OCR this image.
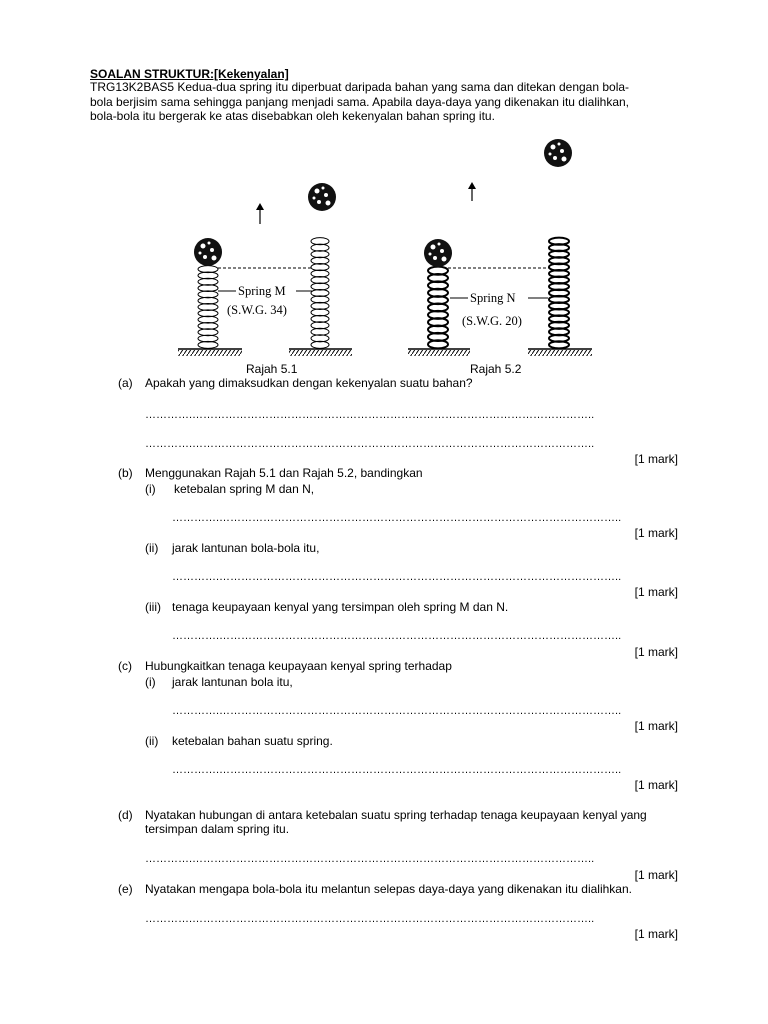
SOALAN STRUKTUR:[Kekenyalan]
TRG13K2BAS5 Kedua-dua spring itu diperbuat daripada bahan yang sama dan ditekan dengan bola-
bola berjisim sama sehingga panjang menjadi sama. Apabila daya-daya yang dikenakan itu dialihkan,
bola-bola itu bergerak ke atas disebabkan oleh kekenyalan bahan spring itu.
Spring M
(S.W.G. 34)
Spring N
(S.W.G. 20)
Rajah 5.1	Rajah 5.2
(a) Apakah yang dimaksudkan dengan kekenyalan suatu bahan?
………….………………………………………………………………………………………………..
………….………………………………………………………………………………………………..
[1 mark]
(b) Menggunakan Rajah 5.1 dan Rajah 5.2, bandingkan
(i) ketebalan spring M dan N,
………….………………………………………………………………………………………………..
[1 mark]
(ii) jarak lantunan bola-bola itu,
………….………………………………………………………………………………………………..
[1 mark]
(iii) tenaga keupayaan kenyal yang tersimpan oleh spring M dan N.
………….………………………………………………………………………………………………..
[1 mark]
(c) Hubungkaitkan tenaga keupayaan kenyal spring terhadap
(i) jarak lantunan bola itu,
………….………………………………………………………………………………………………..
[1 mark]
(ii) ketebalan bahan suatu spring.
………….………………………………………………………………………………………………..
[1 mark]
(d) Nyatakan hubungan di antara ketebalan suatu spring terhadap tenaga keupayaan kenyal yang
tersimpan dalam spring itu.
………….………………………………………………………………………………………………..
[1 mark]
(e) Nyatakan mengapa bola-bola itu melantun selepas daya-daya yang dikenakan itu dialihkan.
………….………………………………………………………………………………………………..
[1 mark]
